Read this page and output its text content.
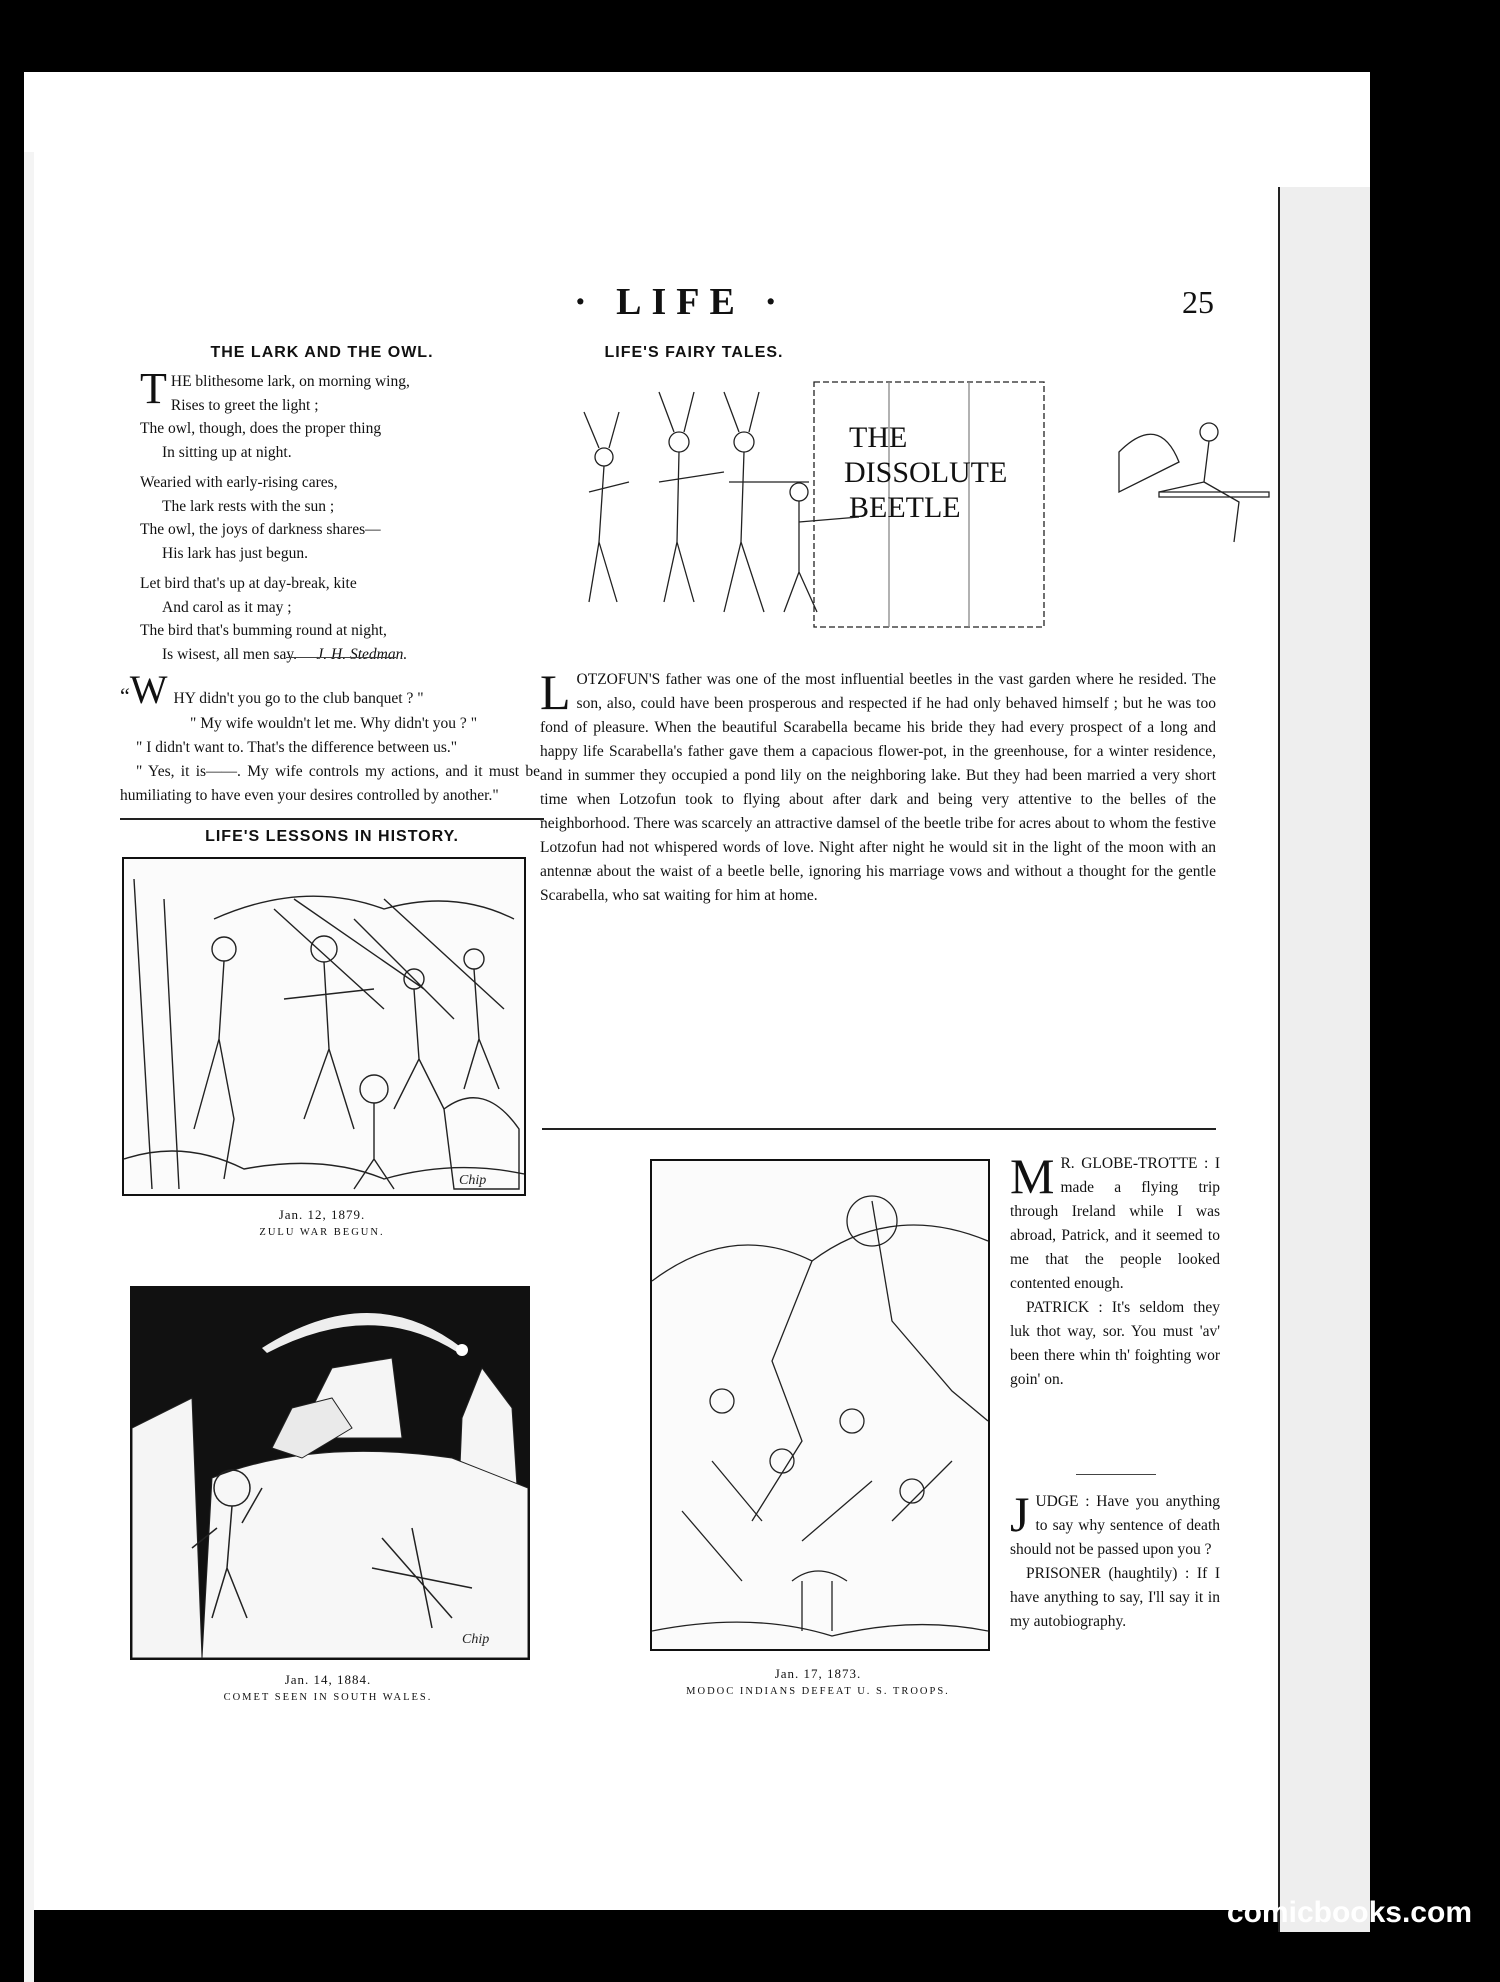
· LIFE ·	25
THE LARK AND THE OWL.
THE blithesome lark, on morning wing,
Rises to greet the light ;
The owl, though, does the proper thing
In sitting up at night.
Wearied with early-rising cares,
The lark rests with the sun ;
The owl, the joys of darkness shares—
His lark has just begun.
Let bird that's up at day-break, kite
And carol as it may ;
The bird that's bumming round at night,
Is wisest, all men say. J. H. Stedman.

“W HY didn't you go to the club banquet ? "

" My wife wouldn't let me. Why didn't you ? "

" I didn't want to. That's the difference between us."

" Yes, it is——. My wife controls my actions, and it must be humiliating to have even your desires controlled by another."

LIFE'S LESSONS IN HISTORY.
Chip
Jan. 12, 1879.
ZULU WAR BEGUN.
Chip
Jan. 14, 1884.
COMET SEEN IN SOUTH WALES.
LIFE'S FAIRY TALES.
THE
DISSOLUTE
BEETLE

LOTZOFUN'S father was one of the most influential beetles in the vast garden where he resided. The son, also, could have been prosperous and respected if he had only behaved himself ; but he was too fond of pleasure. When the beautiful Scarabella became his bride they had every prospect of a long and happy life Scarabella's father gave them a capacious flower-pot, in the greenhouse, for a winter residence, and in summer they occupied a pond lily on the neighboring lake. But they had been married a very short time when Lotzofun took to flying about after dark and being very attentive to the belles of the neighborhood. There was scarcely an attractive damsel of the beetle tribe for acres about to whom the festive Lotzofun had not whispered words of love. Night after night he would sit in the light of the moon with an antennæ about the waist of a beetle belle, ignoring his marriage vows and without a thought for the gentle Scarabella, who sat waiting for him at home.

Jan. 17, 1873.
MODOC INDIANS DEFEAT U. S. TROOPS.

M R. GLOBE-TROTTE : I made a flying trip through Ireland while I was abroad, Patrick, and it seemed to me that the people looked contented enough.

PATRICK : It's seldom they luk thot way, sor. You must 'av' been there whin th' foighting wor goin' on.

JUDGE : Have you anything to say why sentence of death should not be passed upon you ?

PRISONER (haughtily) : If I have anything to say, I'll say it in my autobiography.

comicbooks.com
